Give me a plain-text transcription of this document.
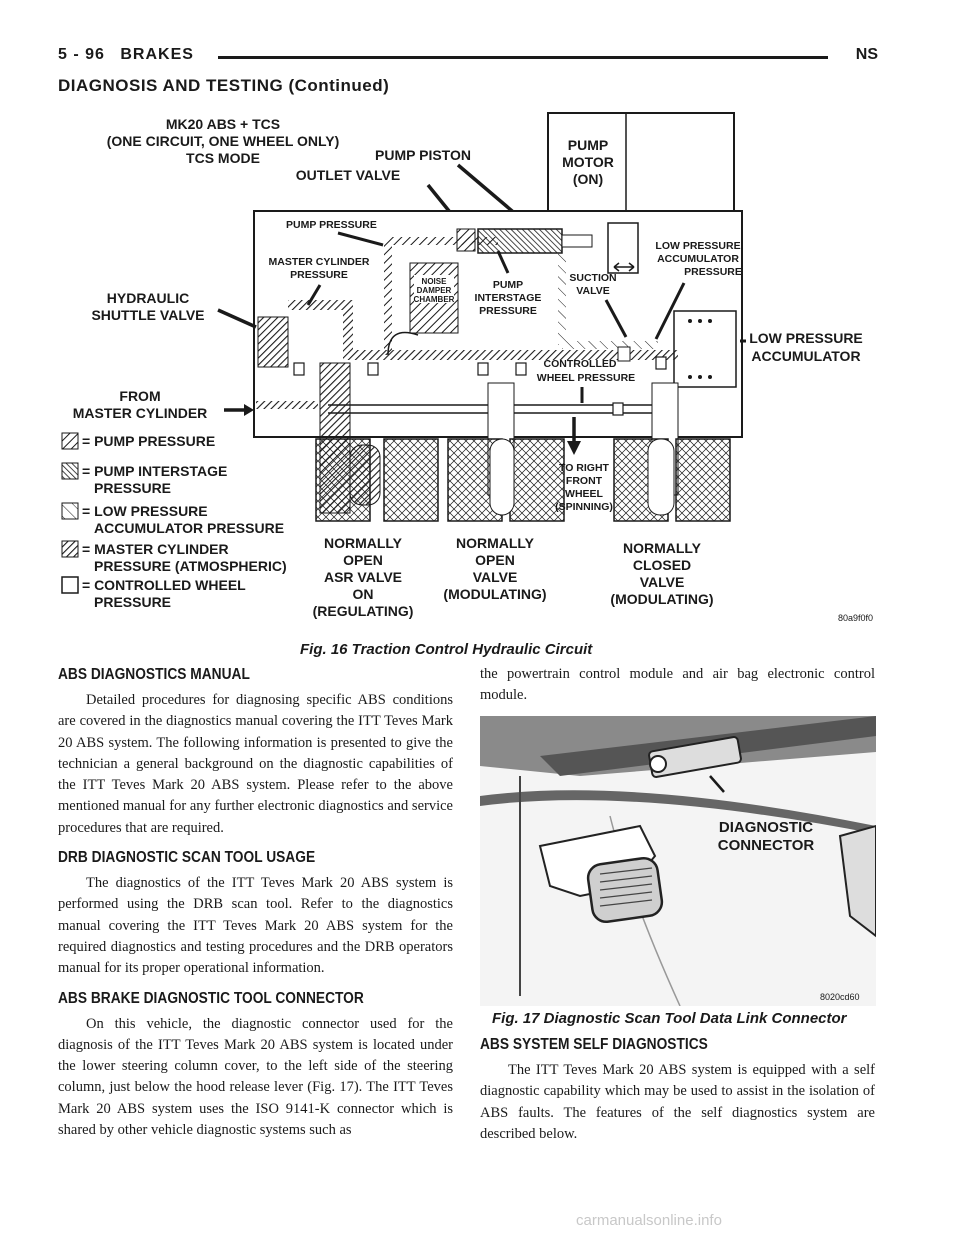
5 - 96 BRAKES	NS
DIAGNOSIS AND TESTING (Continued)
MK20 ABS + TCS
(ONE CIRCUIT, ONE WHEEL ONLY)
TCS MODE
PUMP
MOTOR
(ON)
PUMP PISTON
OUTLET VALVE
PUMP PRESSURE
MASTER CYLINDER
PRESSURE
NOISE
DAMPER
CHAMBER
PUMP
INTERSTAGE
PRESSURE
SUCTION
VALVE
LOW PRESSURE
ACCUMULATOR
PRESSURE
LOW PRESSURE
ACCUMULATOR
HYDRAULIC
SHUTTLE VALVE
CONTROLLED
WHEEL PRESSURE
FROM
MASTER CYLINDER
TO RIGHT
FRONT
WHEEL
(SPINNING)
NORMALLY
OPEN
ASR VALVE
ON
(REGULATING)
NORMALLY
OPEN
VALVE
(MODULATING)
NORMALLY
CLOSED
VALVE
(MODULATING)
= PUMP PRESSURE
= PUMP INTERSTAGE
PRESSURE
= LOW PRESSURE
ACCUMULATOR PRESSURE
= MASTER CYLINDER
PRESSURE (ATMOSPHERIC)
= CONTROLLED WHEEL
PRESSURE
80a9f0f0
Fig. 16 Traction Control Hydraulic Circuit
ABS DIAGNOSTICS MANUAL

Detailed procedures for diagnosing specific ABS conditions are covered in the diagnostics manual covering the ITT Teves Mark 20 ABS system. The following information is presented to give the technician a general background on the diagnostic capabilities of the ITT Teves Mark 20 ABS system. Please refer to the above mentioned manual for any further electronic diagnostics and service procedures that are required.

DRB DIAGNOSTIC SCAN TOOL USAGE

The diagnostics of the ITT Teves Mark 20 ABS system is performed using the DRB scan tool. Refer to the diagnostics manual covering the ITT Teves Mark 20 ABS system for the required diagnostics and testing procedures and the DRB operators manual for its proper operational information.

ABS BRAKE DIAGNOSTIC TOOL CONNECTOR

On this vehicle, the diagnostic connector used for the diagnosis of the ITT Teves Mark 20 ABS system is located under the lower steering column cover, to the left side of the steering column, just below the hood release lever (Fig. 17). The ITT Teves Mark 20 ABS system uses the ISO 9141-K connector which is shared by other vehicle diagnostic systems such as

the powertrain control module and air bag electronic control module.

DIAGNOSTIC
CONNECTOR
8020cd60
Fig. 17 Diagnostic Scan Tool Data Link Connector
ABS SYSTEM SELF DIAGNOSTICS

The ITT Teves Mark 20 ABS system is equipped with a self diagnostic capability which may be used to assist in the isolation of ABS faults. The features of the self diagnostics system are described below.

carmanualsonline.info
